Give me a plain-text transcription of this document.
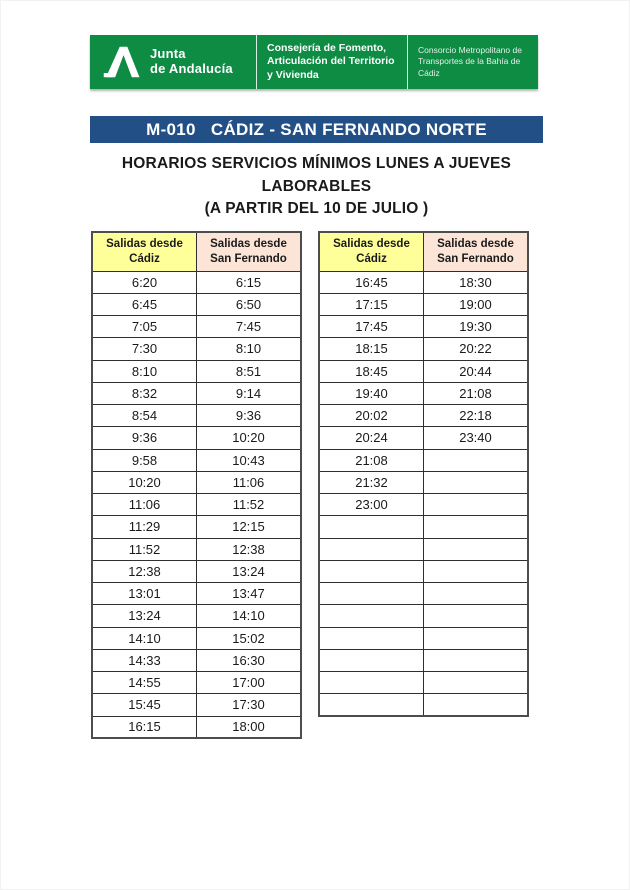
Junta
de Andalucía
Consejería de Fomento,
Articulación del Territorio
y Vivienda
Consorcio Metropolitano de
Transportes de la Bahía de
Cádiz
M-010   CÁDIZ - SAN FERNANDO NORTE
HORARIOS SERVICIOS MÍNIMOS LUNES A JUEVES
LABORABLES
(A PARTIR DEL 10 DE JULIO )
Salidas desde
Cádiz	Salidas desde
San Fernando
6:20	6:15
6:45	6:50
7:05	7:45
7:30	8:10
8:10	8:51
8:32	9:14
8:54	9:36
9:36	10:20
9:58	10:43
10:20	11:06
11:06	11:52
11:29	12:15
11:52	12:38
12:38	13:24
13:01	13:47
13:24	14:10
14:10	15:02
14:33	16:30
14:55	17:00
15:45	17:30
16:15	18:00
Salidas desde
Cádiz	Salidas desde
San Fernando
16:45	18:30
17:15	19:00
17:45	19:30
18:15	20:22
18:45	20:44
19:40	21:08
20:02	22:18
20:24	23:40
21:08	
21:32	
23:00	
